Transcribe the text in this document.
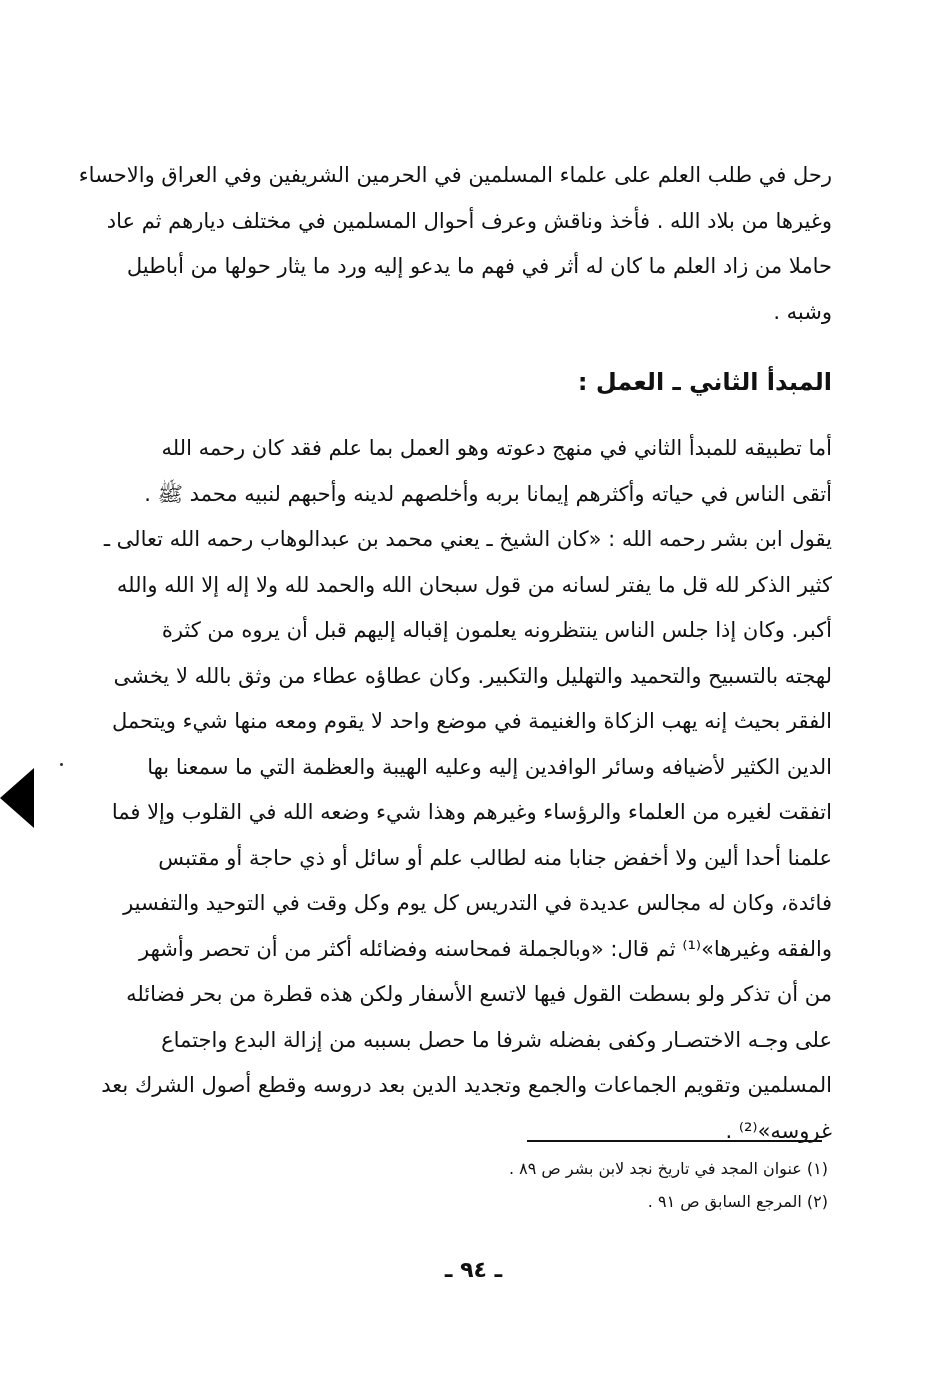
رحل في طلب العلم على علماء المسلمين في الحرمين الشريفين وفي العراق والاحساء
وغيرها من بلاد الله . فأخذ وناقش وعرف أحوال المسلمين في مختلف ديارهم ثم عاد
حاملا من زاد العلم ما كان له أثر في فهم ما يدعو إليه ورد ما يثار حولها من أباطيل
وشبه .
المبدأ الثاني ـ العمل :
أما تطبيقه للمبدأ الثاني في منهج دعوته وهو العمل بما علم فقد كان رحمه الله
أتقى الناس في حياته وأكثرهم إيمانا بربه وأخلصهم لدينه وأحبهم لنبيه محمد ﷺ .
يقول ابن بشر رحمه الله : «كان الشيخ ـ يعني محمد بن عبدالوهاب رحمه الله تعالى ـ
كثير الذكر لله قل ما يفتر لسانه من قول سبحان الله والحمد لله ولا إله إلا الله والله
أكبر. وكان إذا جلس الناس ينتظرونه يعلمون إقباله إليهم قبل أن يروه من كثرة
لهجته بالتسبيح والتحميد والتهليل والتكبير. وكان عطاؤه عطاء من وثق بالله لا يخشى
الفقر بحيث إنه يهب الزكاة والغنيمة في موضع واحد لا يقوم ومعه منها شيء ويتحمل
الدين الكثير لأضيافه وسائر الوافدين إليه وعليه الهيبة والعظمة التي ما سمعنا بها
اتفقت لغيره من العلماء والرؤساء وغيرهم وهذا شيء وضعه الله في القلوب وإلا فما
علمنا أحدا ألين ولا أخفض جنابا منه لطالب علم أو سائل أو ذي حاجة أو مقتبس
فائدة، وكان له مجالس عديدة في التدريس كل يوم وكل وقت في التوحيد والتفسير
والفقه وغيرها»⁽¹⁾ ثم قال: «وبالجملة فمحاسنه وفضائله أكثر من أن تحصر وأشهر
من أن تذكر ولو بسطت القول فيها لاتسع الأسفار ولكن هذه قطرة من بحر فضائله
على وجـه الاختصـار وكفى بفضله شرفا ما حصل بسببه من إزالة البدع واجتماع
المسلمين وتقويم الجماعات والجمع وتجديد الدين بعد دروسه وقطع أصول الشرك بعد
غروسه»⁽²⁾ .
(١) عنوان المجد في تاريخ نجد لابن بشر ص ٨٩ .
(٢) المرجع السابق ص ٩١ .
ـ ٩٤ ـ
